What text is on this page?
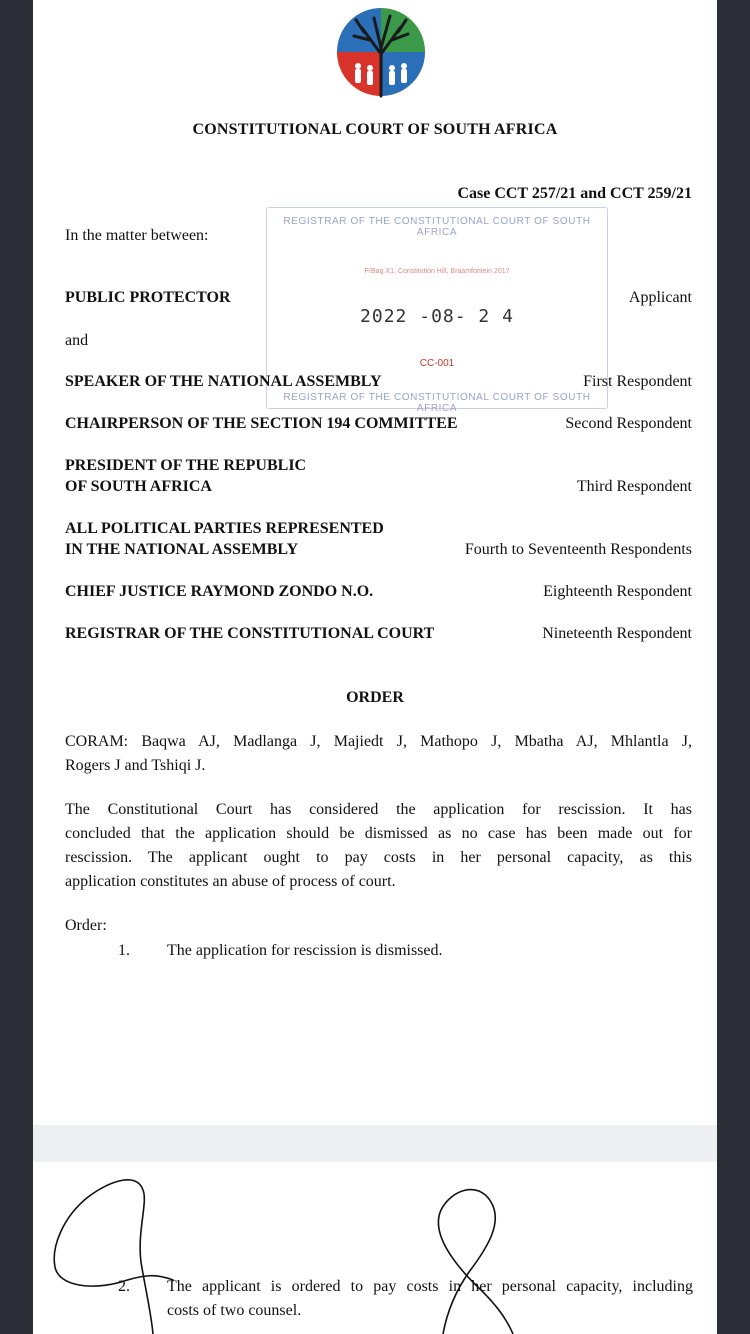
CONSTITUTIONAL COURT OF SOUTH AFRICA
Case CCT 257/21 and CCT 259/21
In the matter between:
REGISTRAR OF THE CONSTITUTIONAL COURT OF SOUTH AFRICA
P/Bag X1, Constitution Hill, Braamfontein 2017
2022 -08- 2 4
CC-001
REGISTRAR OF THE CONSTITUTIONAL COURT OF SOUTH AFRICA
PUBLIC PROTECTOR	Applicant
and
SPEAKER OF THE NATIONAL ASSEMBLY	First Respondent
CHAIRPERSON OF THE SECTION 194 COMMITTEE	Second Respondent
PRESIDENT OF THE REPUBLIC
OF SOUTH AFRICA	Third Respondent
ALL POLITICAL PARTIES REPRESENTED
IN THE NATIONAL ASSEMBLY	Fourth to Seventeenth Respondents
CHIEF JUSTICE RAYMOND ZONDO N.O.	Eighteenth Respondent
REGISTRAR OF THE CONSTITUTIONAL COURT	Nineteenth Respondent
ORDER
CORAM: Baqwa AJ, Madlanga J, Majiedt J, Mathopo J, Mbatha AJ, Mhlantla J,
Rogers J and Tshiqi J.
The Constitutional Court has considered the application for rescission. It has
concluded that the application should be dismissed as no case has been made out for
rescission. The applicant ought to pay costs in her personal capacity, as this
application constitutes an abuse of process of court.
Order:
1. The application for rescission is dismissed.
2. The applicant is ordered to pay costs in her personal capacity, including
costs of two counsel.
